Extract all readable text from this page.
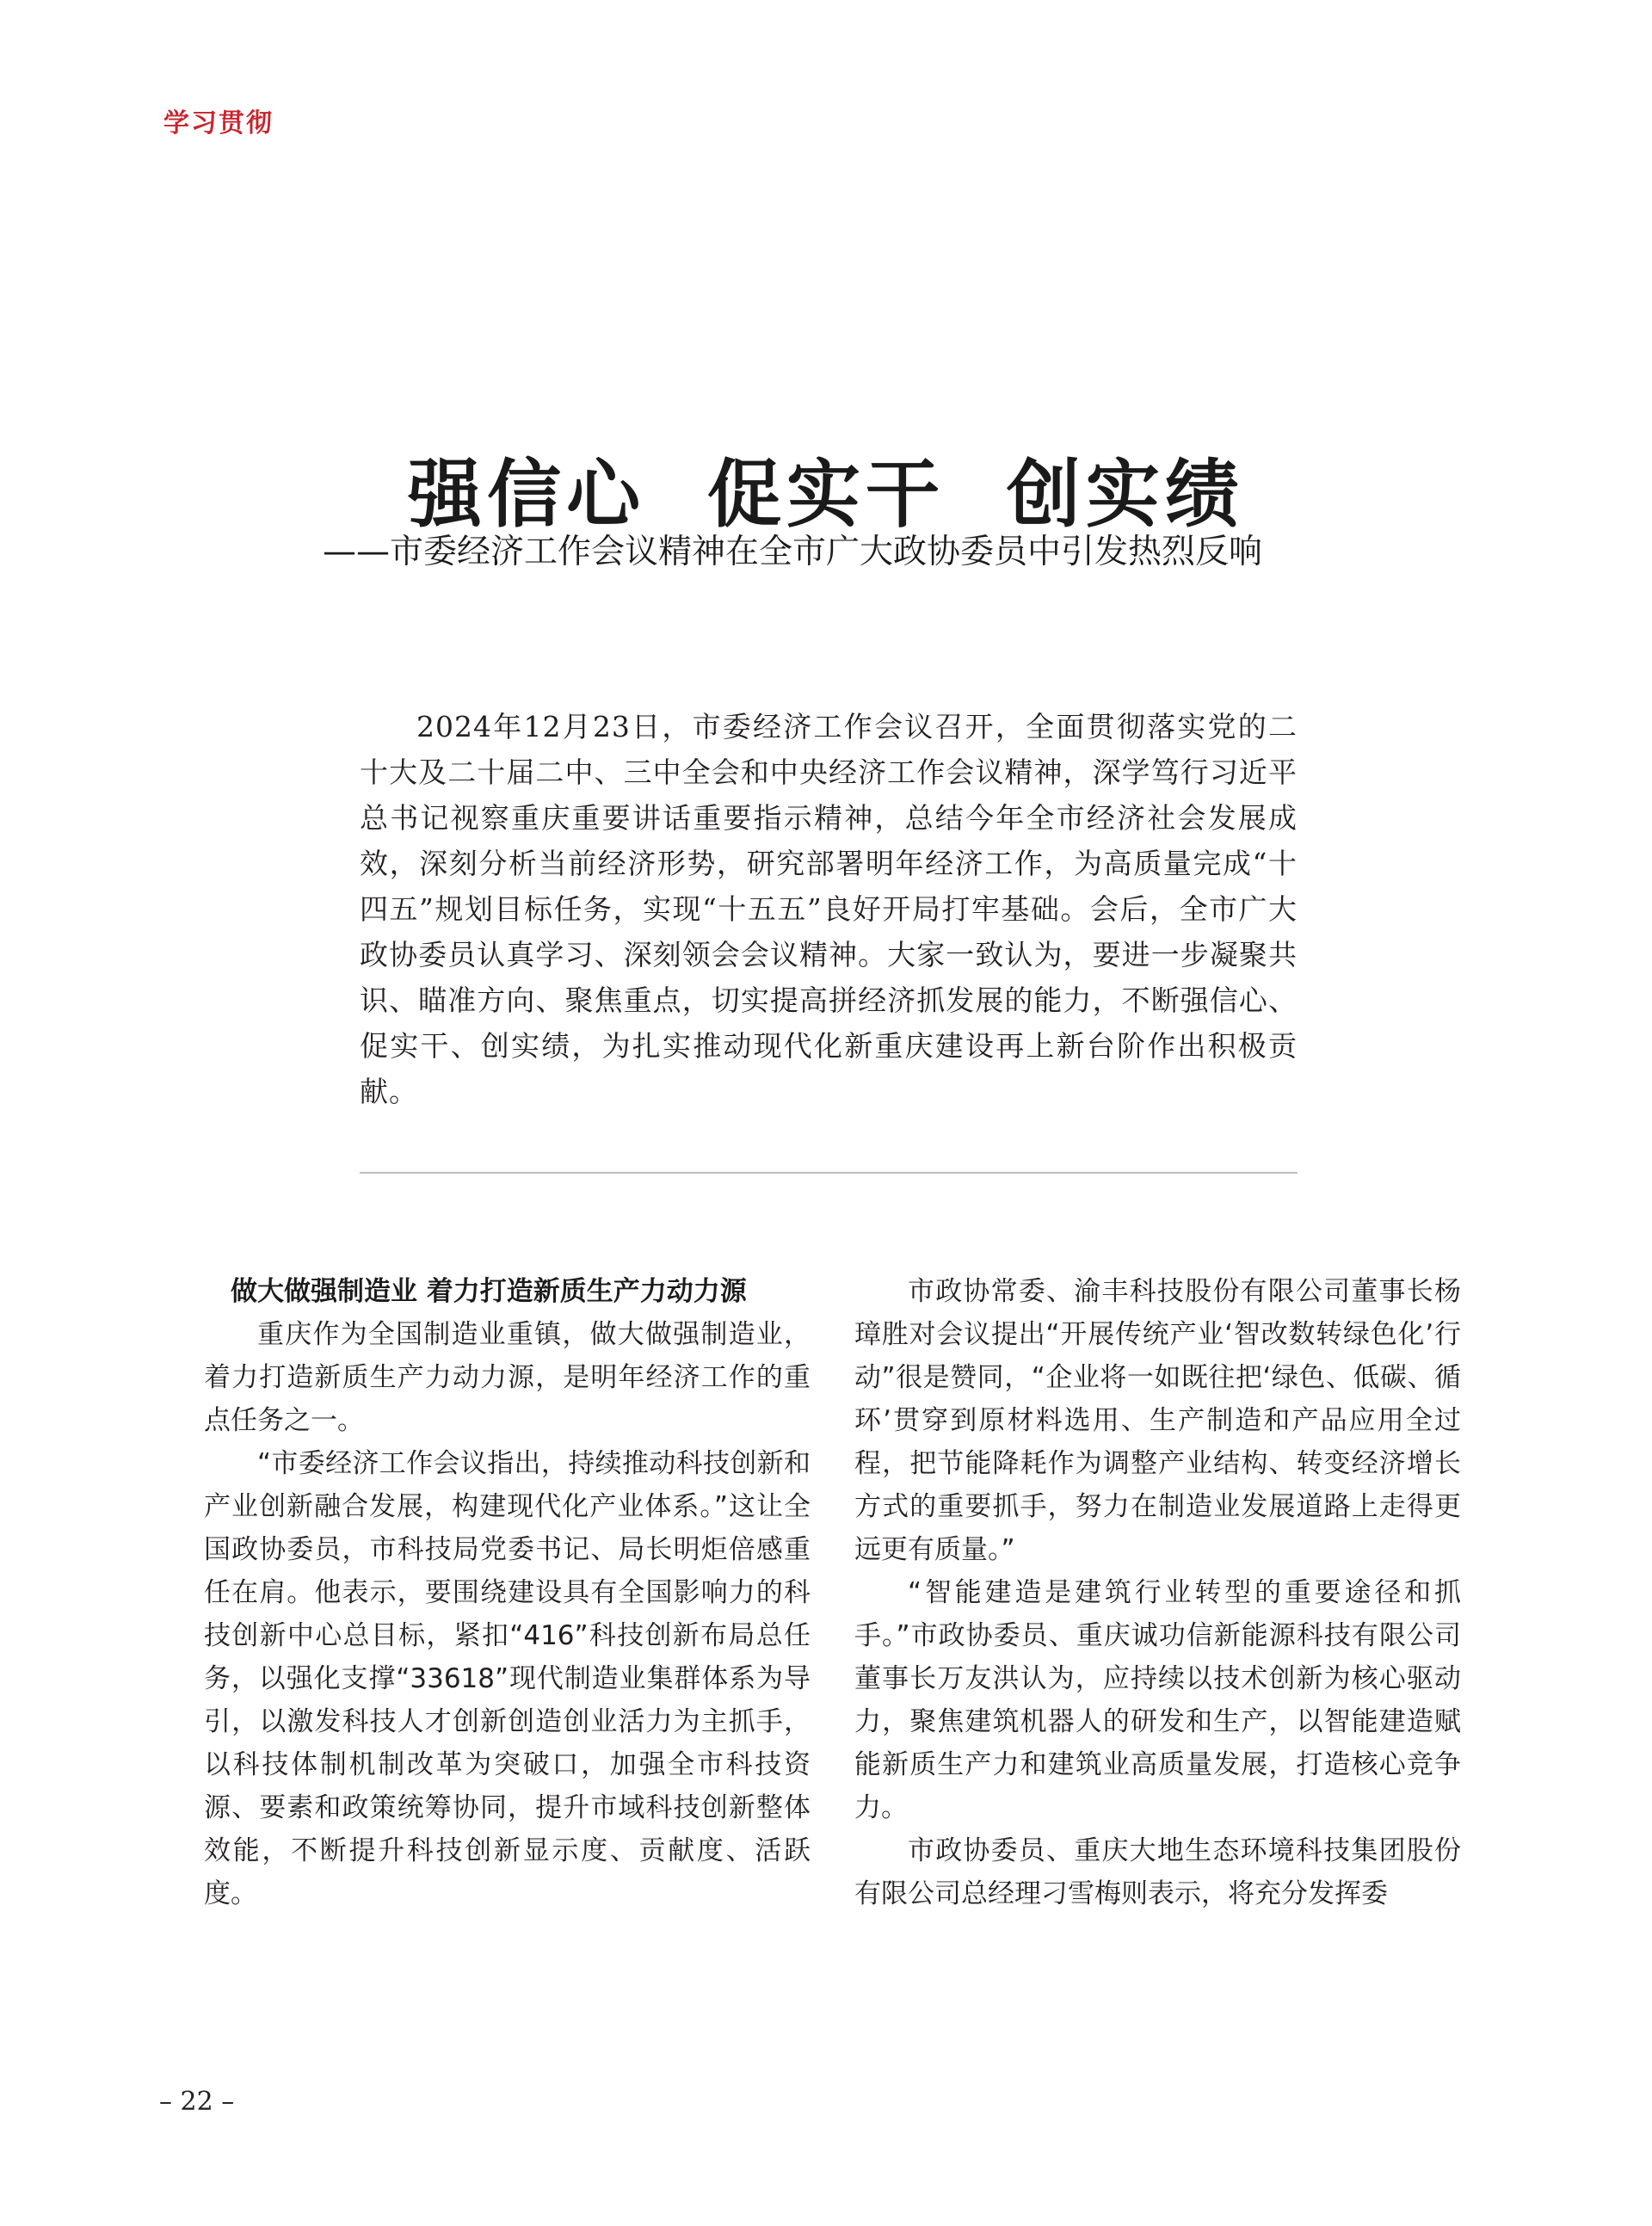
学习贯彻
强信心  促实干  创实绩
——市委经济工作会议精神在全市广大政协委员中引发热烈反响

2024年12月23日，市委经济工作会议召开，全面贯彻落实党的二十大及二十届二中、三中全会和中央经济工作会议精神，深学笃行习近平总书记视察重庆重要讲话重要指示精神，总结今年全市经济社会发展成效，深刻分析当前经济形势，研究部署明年经济工作，为高质量完成“十四五”规划目标任务，实现“十五五”良好开局打牢基础。会后，全市广大政协委员认真学习、深刻领会会议精神。大家一致认为，要进一步凝聚共识、瞄准方向、聚焦重点，切实提高拼经济抓发展的能力，不断强信心、促实干、创实绩，为扎实推动现代化新重庆建设再上新台阶作出积极贡献。

做大做强制造业 着力打造新质生产力动力源

重庆作为全国制造业重镇，做大做强制造业，着力打造新质生产力动力源，是明年经济工作的重点任务之一。

“市委经济工作会议指出，持续推动科技创新和产业创新融合发展，构建现代化产业体系。”这让全国政协委员，市科技局党委书记、局长明炬倍感重任在肩。他表示，要围绕建设具有全国影响力的科技创新中心总目标，紧扣“416”科技创新布局总任务，以强化支撑“33618”现代制造业集群体系为导引，以激发科技人才创新创造创业活力为主抓手，以科技体制机制改革为突破口，加强全市科技资源、要素和政策统筹协同，提升市域科技创新整体效能，不断提升科技创新显示度、贡献度、活跃度。

市政协常委、渝丰科技股份有限公司董事长杨璋胜对会议提出“开展传统产业‘智改数转绿色化’行动”很是赞同，“企业将一如既往把‘绿色、低碳、循环’贯穿到原材料选用、生产制造和产品应用全过程，把节能降耗作为调整产业结构、转变经济增长方式的重要抓手，努力在制造业发展道路上走得更远更有质量。”

“智能建造是建筑行业转型的重要途径和抓手。”市政协委员、重庆诚功信新能源科技有限公司董事长万友洪认为，应持续以技术创新为核心驱动力，聚焦建筑机器人的研发和生产，以智能建造赋能新质生产力和建筑业高质量发展，打造核心竞争力。

市政协委员、重庆大地生态环境科技集团股份有限公司总经理刁雪梅则表示，将充分发挥委

– 22 –
